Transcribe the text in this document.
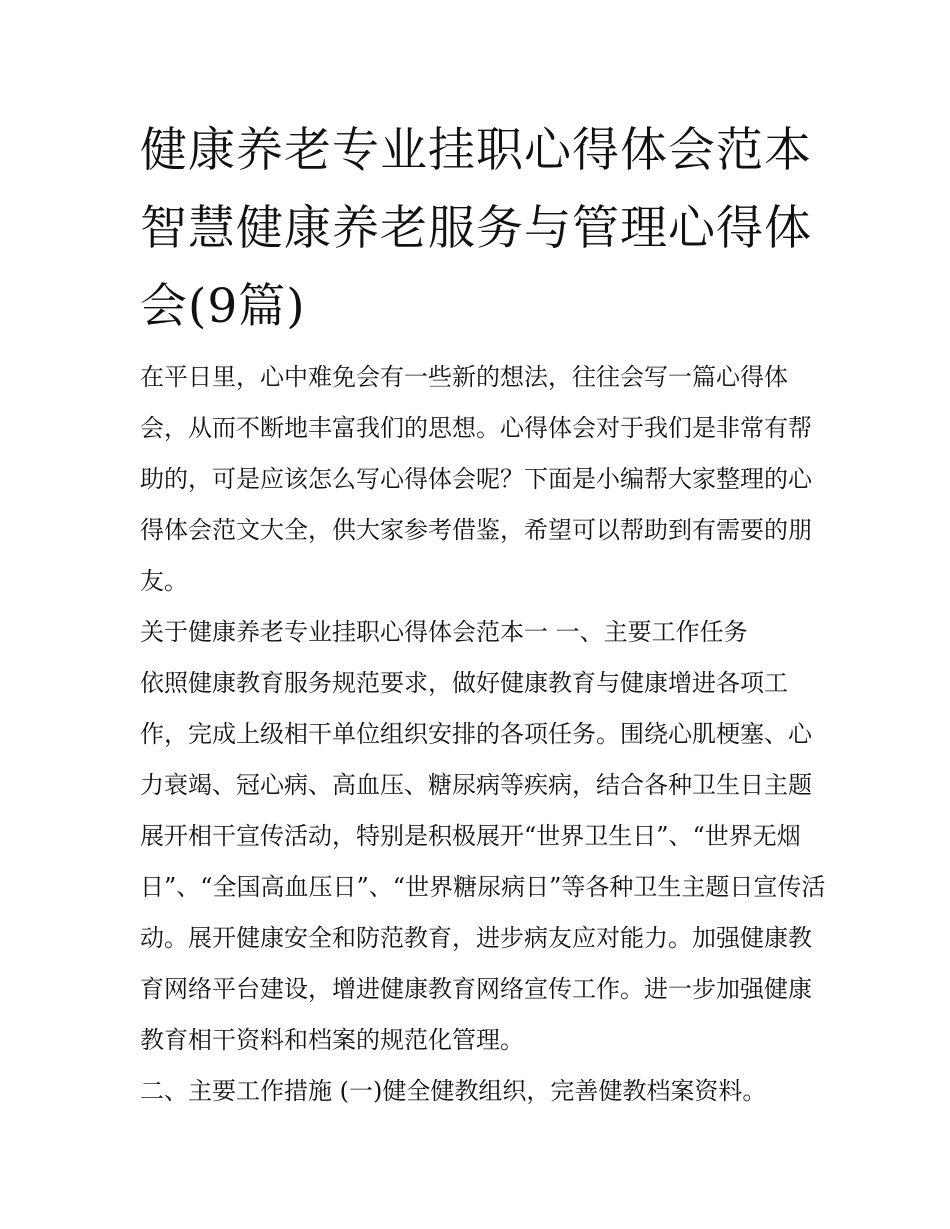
健康养老专业挂职心得体会范本 智慧健康养老服务与管理心得体会(9篇)

在平日里，心中难免会有一些新的想法，往往会写一篇心得体会，从而不断地丰富我们的思想。心得体会对于我们是非常有帮助的，可是应该怎么写心得体会呢？下面是小编帮大家整理的心得体会范文大全，供大家参考借鉴，希望可以帮助到有需要的朋友。

关于健康养老专业挂职心得体会范本一 一、主要工作任务

依照健康教育服务规范要求，做好健康教育与健康增进各项工作，完成上级相干单位组织安排的各项任务。围绕心肌梗塞、心力衰竭、冠心病、高血压、糖尿病等疾病，结合各种卫生日主题展开相干宣传活动，特别是积极展开“世界卫生日”、“世界无烟日”、“全国高血压日”、“世界糖尿病日”等各种卫生主题日宣传活动。展开健康安全和防范教育，进步病友应对能力。加强健康教育网络平台建设，增进健康教育网络宣传工作。进一步加强健康教育相干资料和档案的规范化管理。

二、主要工作措施 (一)健全健教组织，完善健教档案资料。
